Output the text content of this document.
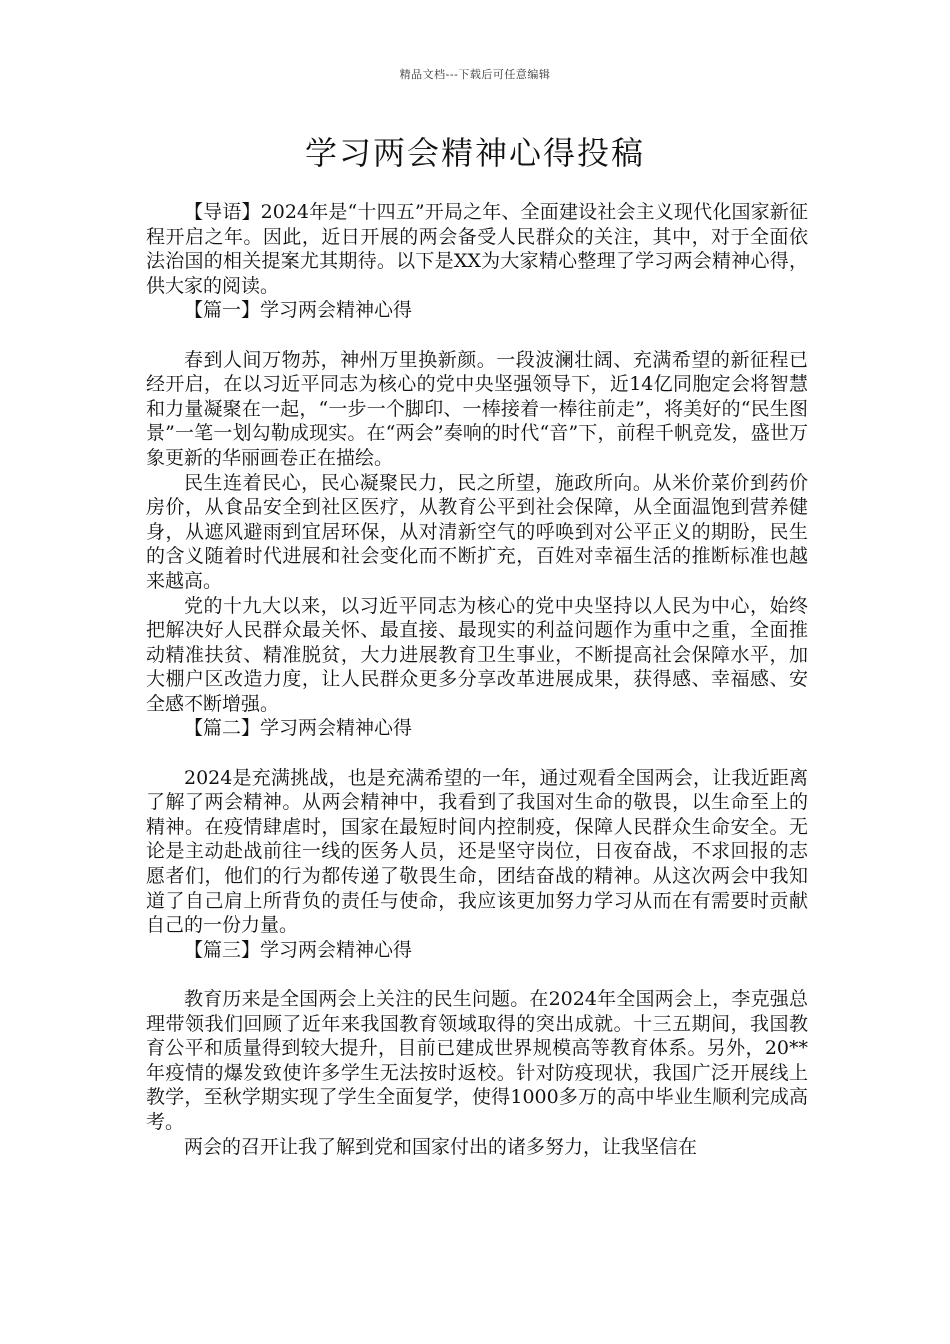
精品文档---下载后可任意编辑
学习两会精神心得投稿

【导语】2024年是“十四五”开局之年、全面建设社会主义现代化国家新征程开启之年。因此，近日开展的两会备受人民群众的关注，其中，对于全面依法治国的相关提案尤其期待。以下是XX为大家精心整理了学习两会精神心得，供大家的阅读。

【篇一】学习两会精神心得

春到人间万物苏，神州万里换新颜。一段波澜壮阔、充满希望的新征程已经开启，在以习近平同志为核心的党中央坚强领导下，近14亿同胞定会将智慧和力量凝聚在一起，“一步一个脚印、一棒接着一棒往前走”，将美好的“民生图景”一笔一划勾勒成现实。在“两会”奏响的时代“音”下，前程千帆竞发，盛世万象更新的华丽画卷正在描绘。

民生连着民心，民心凝聚民力，民之所望，施政所向。从米价菜价到药价房价，从食品安全到社区医疗，从教育公平到社会保障，从全面温饱到营养健身，从遮风避雨到宜居环保，从对清新空气的呼唤到对公平正义的期盼，民生的含义随着时代进展和社会变化而不断扩充，百姓对幸福生活的推断标准也越来越高。

党的十九大以来，以习近平同志为核心的党中央坚持以人民为中心，始终把解决好人民群众最关怀、最直接、最现实的利益问题作为重中之重，全面推动精准扶贫、精准脱贫，大力进展教育卫生事业，不断提高社会保障水平，加大棚户区改造力度，让人民群众更多分享改革进展成果，获得感、幸福感、安全感不断增强。

【篇二】学习两会精神心得

2024是充满挑战，也是充满希望的一年，通过观看全国两会，让我近距离了解了两会精神。从两会精神中，我看到了我国对生命的敬畏，以生命至上的精神。在疫情肆虐时，国家在最短时间内控制疫，保障人民群众生命安全。无论是主动赴战前往一线的医务人员，还是坚守岗位，日夜奋战，不求回报的志愿者们，他们的行为都传递了敬畏生命，团结奋战的精神。从这次两会中我知道了自己肩上所背负的责任与使命，我应该更加努力学习从而在有需要时贡献自己的一份力量。

【篇三】学习两会精神心得

教育历来是全国两会上关注的民生问题。在2024年全国两会上，李克强总理带领我们回顾了近年来我国教育领域取得的突出成就。十三五期间，我国教育公平和质量得到较大提升，目前已建成世界规模高等教育体系。另外，20**年疫情的爆发致使许多学生无法按时返校。针对防疫现状，我国广泛开展线上教学，至秋学期实现了学生全面复学，使得1000多万的高中毕业生顺利完成高考。

两会的召开让我了解到党和国家付出的诸多努力，让我坚信在
